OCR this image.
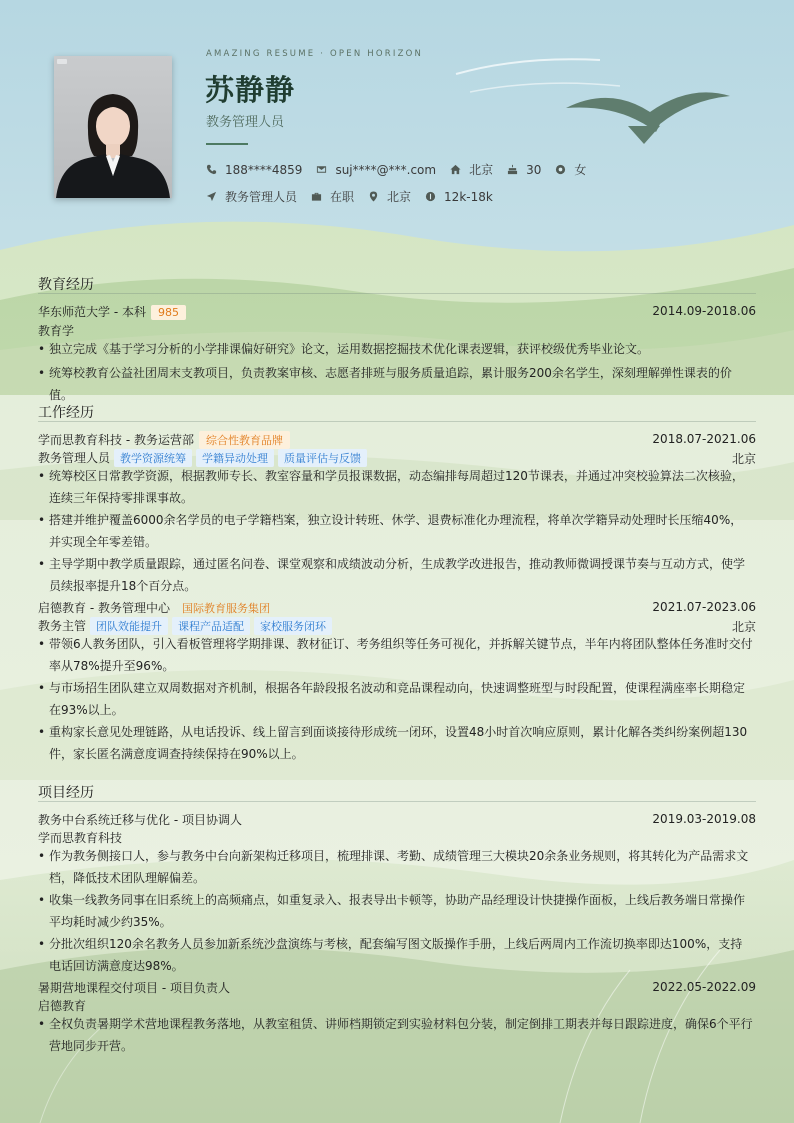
AMAZING RESUME · OPEN HORIZON
苏静静
教务管理人员
188****4859	suj****@***.com	北京	30	女
教务管理人员	在职	北京	12k-18k
教育经历
华东师范大学 - 本科 985	2014.09-2018.06
教育学
• 独立完成《基于学习分析的小学排课偏好研究》论文，运用数据挖掘技术优化课表逻辑，获评校级优秀毕业论文。
• 统筹校教育公益社团周末支教项目，负责教案审核、志愿者排班与服务质量追踪，累计服务200余名学生，深刻理解弹性课表的价值。
工作经历
学而思教育科技 - 教务运营部 综合性教育品牌	2018.07-2021.06
教务管理人员 教学资源统筹 学籍异动处理 质量评估与反馈	北京
• 统筹校区日常教学资源，根据教师专长、教室容量和学员报课数据，动态编排每周超过120节课表，并通过冲突校验算法二次核验，连续三年保持零排课事故。
• 搭建并维护覆盖6000余名学员的电子学籍档案，独立设计转班、休学、退费标准化办理流程，将单次学籍异动处理时长压缩40%，并实现全年零差错。
• 主导学期中教学质量跟踪，通过匿名问卷、课堂观察和成绩波动分析，生成教学改进报告，推动教师微调授课节奏与互动方式，使学员续报率提升18个百分点。
启德教育 - 教务管理中心 国际教育服务集团	2021.07-2023.06
教务主管 团队效能提升 课程产品适配 家校服务闭环	北京
• 带领6人教务团队，引入看板管理将学期排课、教材征订、考务组织等任务可视化，并拆解关键节点，半年内将团队整体任务准时交付率从78%提升至96%。
• 与市场招生团队建立双周数据对齐机制，根据各年龄段报名波动和竞品课程动向，快速调整班型与时段配置，使课程满座率长期稳定在93%以上。
• 重构家长意见处理链路，从电话投诉、线上留言到面谈接待形成统一闭环，设置48小时首次响应原则，累计化解各类纠纷案例超130件，家长匿名满意度调查持续保持在90%以上。
项目经历
教务中台系统迁移与优化 - 项目协调人	2019.03-2019.08
学而思教育科技
• 作为教务侧接口人，参与教务中台向新架构迁移项目，梳理排课、考勤、成绩管理三大模块20余条业务规则，将其转化为产品需求文档，降低技术团队理解偏差。
• 收集一线教务同事在旧系统上的高频痛点，如重复录入、报表导出卡顿等，协助产品经理设计快捷操作面板，上线后教务端日常操作平均耗时减少约35%。
• 分批次组织120余名教务人员参加新系统沙盘演练与考核，配套编写图文版操作手册，上线后两周内工作流切换率即达100%，支持电话回访满意度达98%。
暑期营地课程交付项目 - 项目负责人	2022.05-2022.09
启德教育
• 全权负责暑期学术营地课程教务落地，从教室租赁、讲师档期锁定到实验材料包分装，制定倒排工期表并每日跟踪进度，确保6个平行营地同步开营。
